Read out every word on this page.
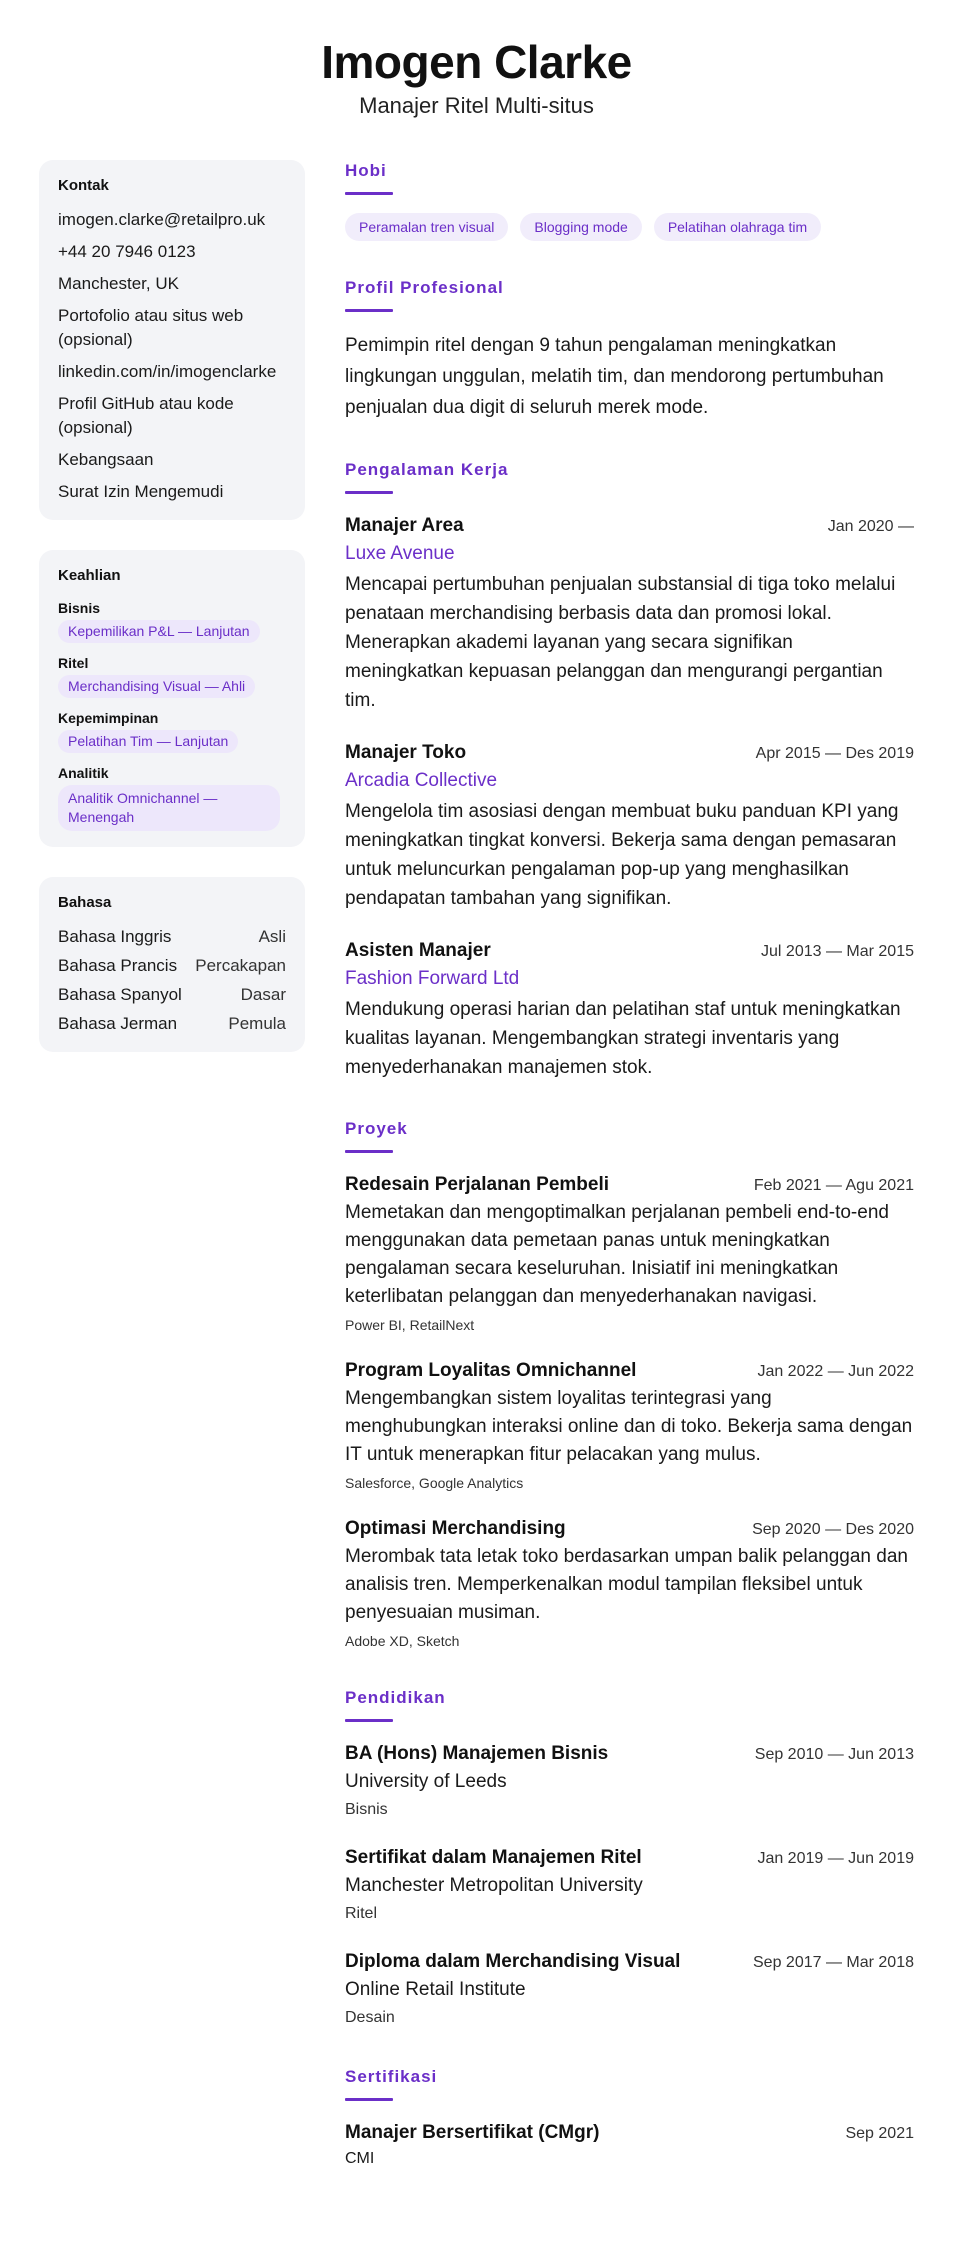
Imogen Clarke
Manajer Ritel Multi-situs
Kontak
imogen.clarke@retailpro.uk
+44 20 7946 0123
Manchester, UK
Portofolio atau situs web (opsional)
linkedin.com/in/imogenclarke
Profil GitHub atau kode (opsional)
Kebangsaan
Surat Izin Mengemudi
Keahlian
Bisnis
Kepemilikan P&L — Lanjutan
Ritel
Merchandising Visual — Ahli
Kepemimpinan
Pelatihan Tim — Lanjutan
Analitik
Analitik Omnichannel — Menengah
Bahasa
Bahasa Inggris	Asli
Bahasa Prancis Percakapan
Bahasa Spanyol	Dasar
Bahasa Jerman	Pemula
Hobi
Peramalan tren visual	Blogging mode	Pelatihan olahraga tim
Profil Profesional
Pemimpin ritel dengan 9 tahun pengalaman meningkatkan lingkungan unggulan, melatih tim, dan mendorong pertumbuhan penjualan dua digit di seluruh merek mode.
Pengalaman Kerja
Manajer Area	Jan 2020 —
Luxe Avenue
Mencapai pertumbuhan penjualan substansial di tiga toko melalui penataan merchandising berbasis data dan promosi lokal. Menerapkan akademi layanan yang secara signifikan meningkatkan kepuasan pelanggan dan mengurangi pergantian tim.
Manajer Toko	Apr 2015 — Des 2019
Arcadia Collective
Mengelola tim asosiasi dengan membuat buku panduan KPI yang meningkatkan tingkat konversi. Bekerja sama dengan pemasaran untuk meluncurkan pengalaman pop-up yang menghasilkan pendapatan tambahan yang signifikan.
Asisten Manajer	Jul 2013 — Mar 2015
Fashion Forward Ltd
Mendukung operasi harian dan pelatihan staf untuk meningkatkan kualitas layanan. Mengembangkan strategi inventaris yang menyederhanakan manajemen stok.
Proyek
Redesain Perjalanan Pembeli	Feb 2021 — Agu 2021
Memetakan dan mengoptimalkan perjalanan pembeli end-to-end menggunakan data pemetaan panas untuk meningkatkan pengalaman secara keseluruhan. Inisiatif ini meningkatkan keterlibatan pelanggan dan menyederhanakan navigasi.
Power BI, RetailNext
Program Loyalitas Omnichannel	Jan 2022 — Jun 2022
Mengembangkan sistem loyalitas terintegrasi yang menghubungkan interaksi online dan di toko. Bekerja sama dengan IT untuk menerapkan fitur pelacakan yang mulus.
Salesforce, Google Analytics
Optimasi Merchandising	Sep 2020 — Des 2020
Merombak tata letak toko berdasarkan umpan balik pelanggan dan analisis tren. Memperkenalkan modul tampilan fleksibel untuk penyesuaian musiman.
Adobe XD, Sketch
Pendidikan
BA (Hons) Manajemen Bisnis	Sep 2010 — Jun 2013
University of Leeds
Bisnis
Sertifikat dalam Manajemen Ritel	Jan 2019 — Jun 2019
Manchester Metropolitan University
Ritel
Diploma dalam Merchandising Visual	Sep 2017 — Mar 2018
Online Retail Institute
Desain
Sertifikasi
Manajer Bersertifikat (CMgr)	Sep 2021
CMI
